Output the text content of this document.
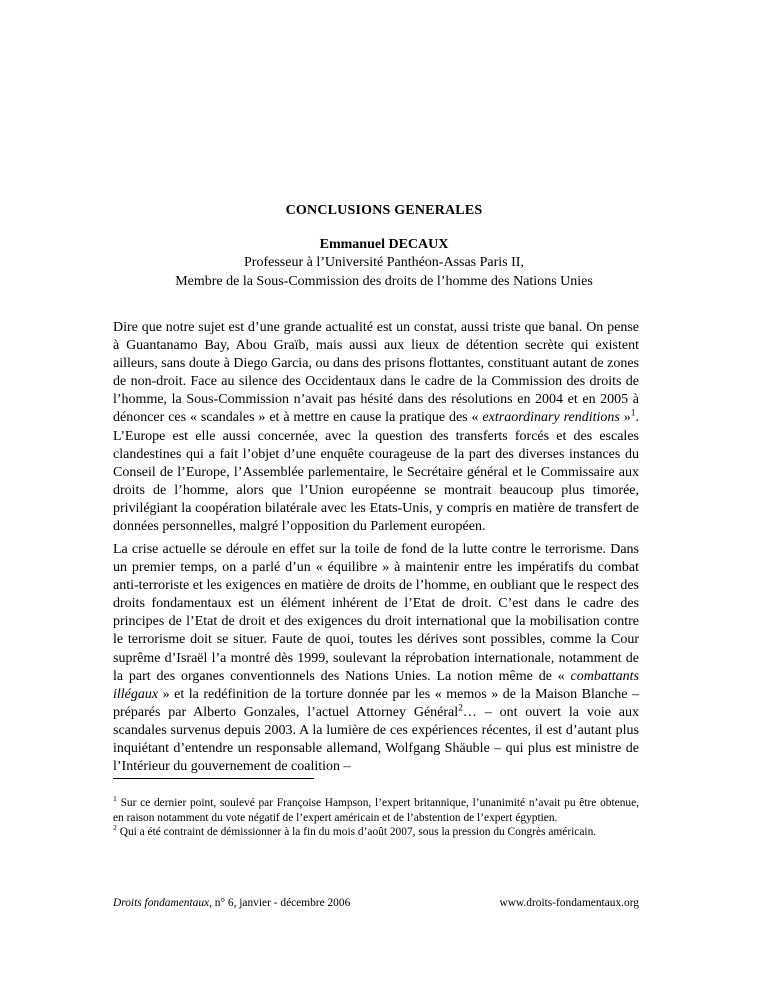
CONCLUSIONS GENERALES
Emmanuel DECAUX
Professeur à l’Université Panthéon-Assas Paris II,
Membre de la Sous-Commission des droits de l’homme des Nations Unies

Dire que notre sujet est d’une grande actualité est un constat, aussi triste que banal. On pense à Guantanamo Bay, Abou Graïb, mais aussi aux lieux de détention secrète qui existent ailleurs, sans doute à Diego Garcia, ou dans des prisons flottantes, constituant autant de zones de non-droit. Face au silence des Occidentaux dans le cadre de la Commission des droits de l’homme, la Sous-Commission n’avait pas hésité dans des résolutions en 2004 et en 2005 à dénoncer ces « scandales » et à mettre en cause la pratique des « extraordinary renditions »$^1$. L’Europe est elle aussi concernée, avec la question des transferts forcés et des escales clandestines qui a fait l’objet d’une enquête courageuse de la part des diverses instances du Conseil de l’Europe, l’Assemblée parlementaire, le Secrétaire général et le Commissaire aux droits de l’homme, alors que l’Union européenne se montrait beaucoup plus timorée, privilégiant la coopération bilatérale avec les Etats-Unis, y compris en matière de transfert de données personnelles, malgré l’opposition du Parlement européen.

La crise actuelle se déroule en effet sur la toile de fond de la lutte contre le terrorisme. Dans un premier temps, on a parlé d’un « équilibre » à maintenir entre les impératifs du combat anti-terroriste et les exigences en matière de droits de l’homme, en oubliant que le respect des droits fondamentaux est un élément inhérent de l’Etat de droit. C’est dans le cadre des principes de l’Etat de droit et des exigences du droit international que la mobilisation contre le terrorisme doit se situer. Faute de quoi, toutes les dérives sont possibles, comme la Cour suprême d’Israël l’a montré dès 1999, soulevant la réprobation internationale, notamment de la part des organes conventionnels des Nations Unies. La notion même de « combattants illégaux » et la redéfinition de la torture donnée par les « memos » de la Maison Blanche – préparés par Alberto Gonzales, l’actuel Attorney Général$^2$… – ont ouvert la voie aux scandales survenus depuis 2003. A la lumière de ces expériences récentes, il est d’autant plus inquiétant d’entendre un responsable allemand, Wolfgang Shäuble – qui plus est ministre de l’Intérieur du gouvernement de coalition –

$^1$ Sur ce dernier point, soulevé par Françoise Hampson, l’expert britannique, l’unanimité n’avait pu être obtenue, en raison notamment du vote négatif de l’expert américain et de l’abstention de l’expert égyptien.

$^2$ Qui a été contraint de démissionner à la fin du mois d’août 2007, sous la pression du Congrès américain.

Droits fondamentaux, n° 6, janvier - décembre 2006	www.droits-fondamentaux.org
